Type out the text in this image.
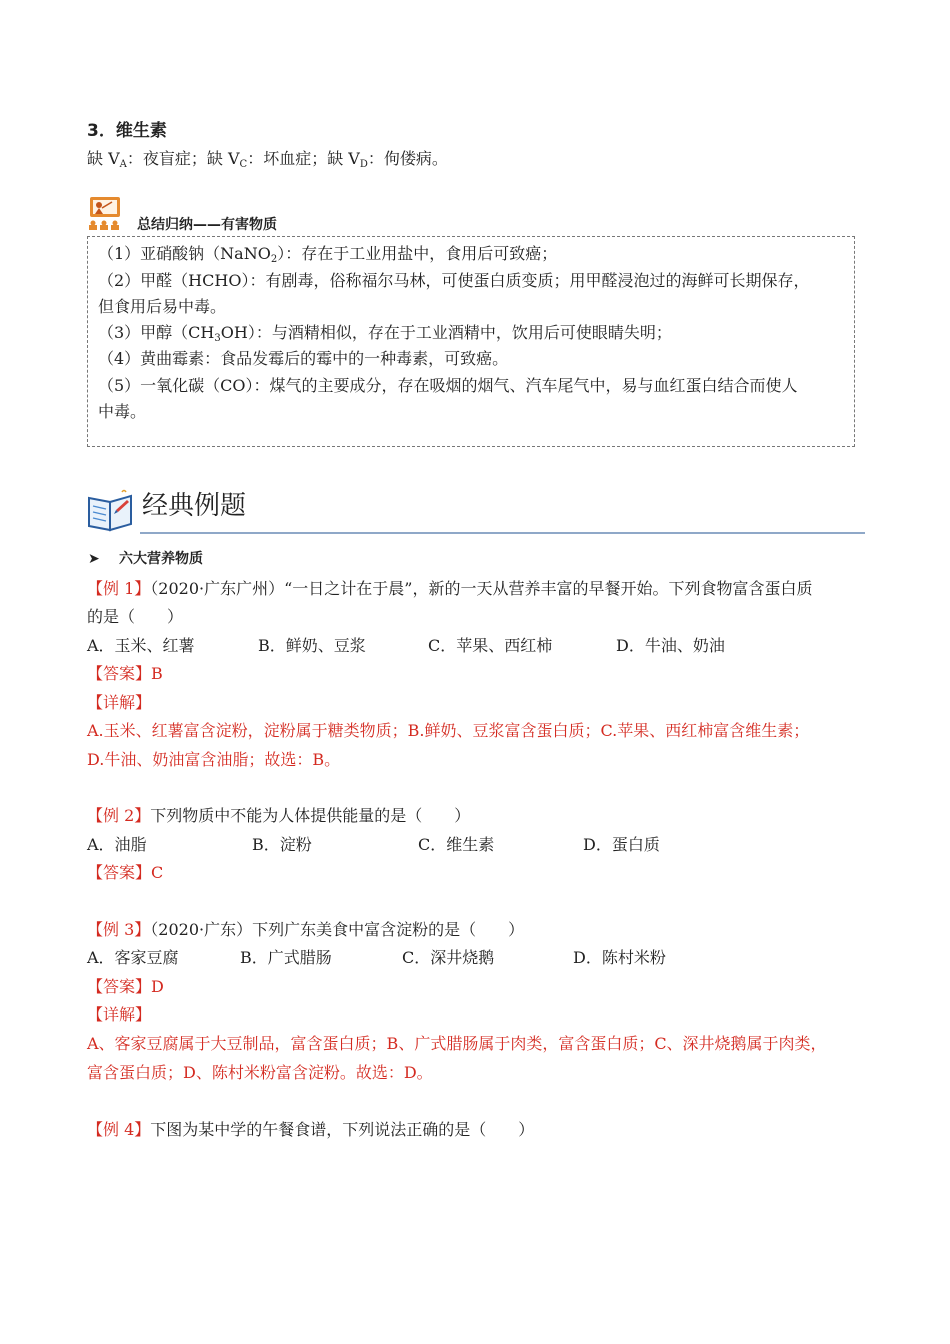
3．维生素
缺 $V_A$：夜盲症；缺 $V_C$：坏血症；缺 $V_D$：佝偻病。
总结归纳——有害物质
（1）亚硝酸钠（NaNO$_2$）：存在于工业用盐中，食用后可致癌；
（2）甲醛（HCHO）：有剧毒，俗称福尔马林，可使蛋白质变质；用甲醛浸泡过的海鲜可长期保存，
但食用后易中毒。
（3）甲醇$(CH_3OH)$：与酒精相似，存在于工业酒精中，饮用后可使眼睛失明；
（4）黄曲霉素：食品发霉后的霉中的一种毒素，可致癌。
（5）一氧化碳（CO）：煤气的主要成分，存在吸烟的烟气、汽车尾气中，易与血红蛋白结合而使人
中毒。
经典例题
➤ 六大营养物质
【例 1】（2020·广东广州）“一日之计在于晨”，新的一天从营养丰富的早餐开始。下列食物富含蛋白质
的是（　　）
A．玉米、红薯	B．鲜奶、豆浆	C．苹果、西红柿	D．牛油、奶油
【答案】B
【详解】
A.玉米、红薯富含淀粉，淀粉属于糖类物质；B.鲜奶、豆浆富含蛋白质；C.苹果、西红柿富含维生素；
D.牛油、奶油富含油脂；故选：B。
【例 2】下列物质中不能为人体提供能量的是（　　）
A．油脂	B．淀粉	C．维生素	D．蛋白质
【答案】C
【例 3】（2020·广东）下列广东美食中富含淀粉的是（　　）
A．客家豆腐	B．广式腊肠	C．深井烧鹅	D．陈村米粉
【答案】D
【详解】
A、客家豆腐属于大豆制品，富含蛋白质；B、广式腊肠属于肉类，富含蛋白质；C、深井烧鹅属于肉类，
富含蛋白质；D、陈村米粉富含淀粉。故选：D。
【例 4】下图为某中学的午餐食谱，下列说法正确的是（　　）
